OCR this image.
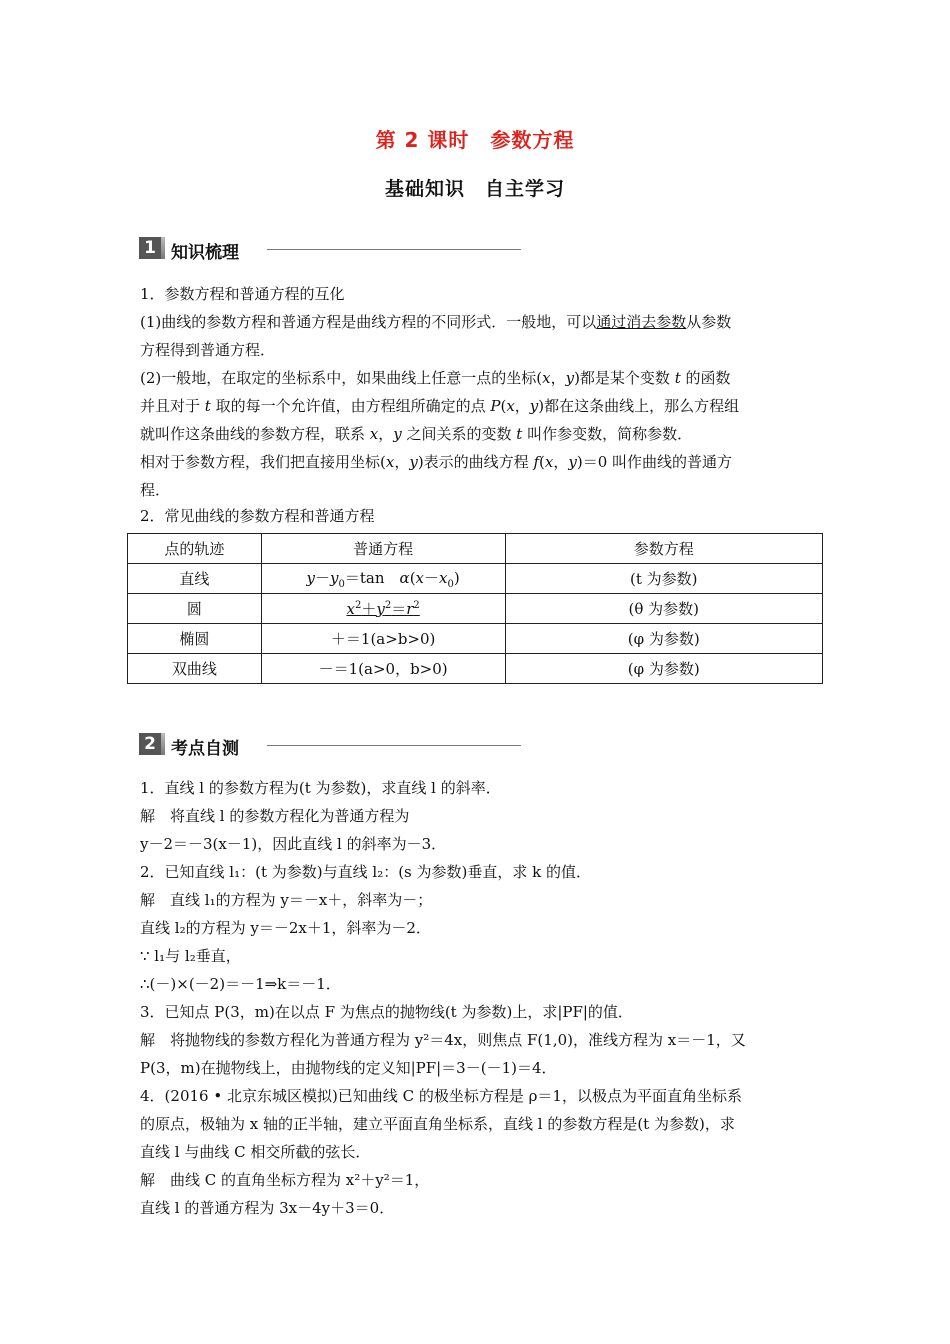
第 2 课时　参数方程
基础知识　自主学习
1 知识梳理
1．参数方程和普通方程的互化
(1)曲线的参数方程和普通方程是曲线方程的不同形式．一般地，可以通过消去参数从参数
方程得到普通方程．
(2)一般地，在取定的坐标系中，如果曲线上任意一点的坐标(x，y)都是某个变数 t 的函数
并且对于 t 取的每一个允许值，由方程组所确定的点 P(x，y)都在这条曲线上，那么方程组
就叫作这条曲线的参数方程，联系 x，y 之间关系的变数 t 叫作参变数，简称参数．
相对于参数方程，我们把直接用坐标(x，y)表示的曲线方程 f(x，y)＝0 叫作曲线的普通方
程．
2．常见曲线的参数方程和普通方程
点的轨迹	普通方程	参数方程
直线	$y-y_0=\tan$　$\alpha(x-x_0)$	(t 为参数)
圆	$x^2+y^2=r^2$	(θ 为参数)
椭圆	＋＝1(a>b>0)	(φ 为参数)
双曲线	－＝1(a>0，b>0)	(φ 为参数)
2 考点自测
1．直线 l 的参数方程为(t 为参数)，求直线 l 的斜率．
解　将直线 l 的参数方程化为普通方程为
y－2＝－3(x－1)，因此直线 l 的斜率为－3．
2．已知直线 l₁：(t 为参数)与直线 l₂：(s 为参数)垂直，求 k 的值．
解　直线 l₁的方程为 y＝－x＋，斜率为－；
直线 l₂的方程为 y＝－2x＋1，斜率为－2．
∵ l₁与 l₂垂直，
∴(－)×(－2)＝－1⇒k＝－1．
3．已知点 P(3，m)在以点 F 为焦点的抛物线(t 为参数)上，求|PF|的值．
解　将抛物线的参数方程化为普通方程为 y²＝4x，则焦点 F(1,0)，准线方程为 x＝－1，又
P(3，m)在抛物线上，由抛物线的定义知|PF|＝3－(－1)＝4．
4．(2016 • 北京东城区模拟)已知曲线 C 的极坐标方程是 ρ＝1，以极点为平面直角坐标系
的原点，极轴为 x 轴的正半轴，建立平面直角坐标系，直线 l 的参数方程是(t 为参数)，求
直线 l 与曲线 C 相交所截的弦长．
解　曲线 C 的直角坐标方程为 x²＋y²＝1，
直线 l 的普通方程为 3x－4y＋3＝0．
